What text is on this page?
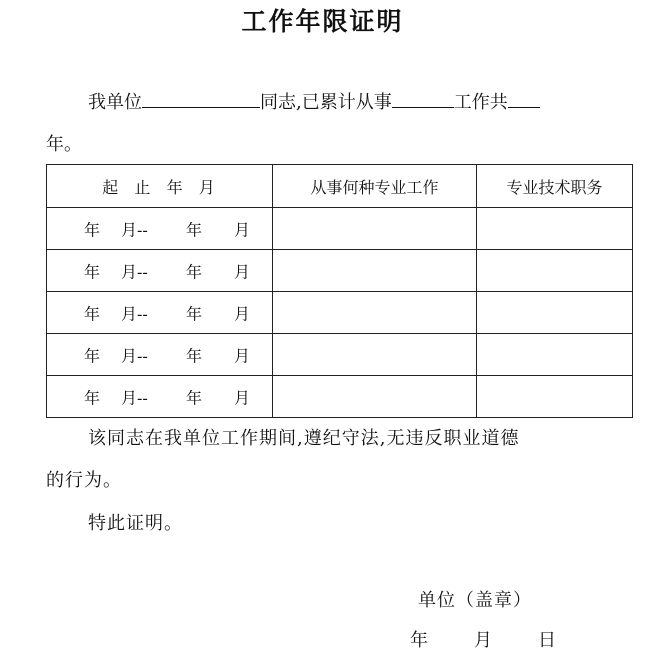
工作年限证明
我单位	同志,已累计从事	工作共
年。
起  止  年  月	从事何种专业工作	专业技术职务

年 月-- 年 月		

年 月-- 年 月		

年 月-- 年 月		

年 月-- 年 月		

年 月-- 年 月		

该同志在我单位工作期间,遵纪守法,无违反职业道德
的行为。
特此证明。
单位（盖章）
年	月	日
